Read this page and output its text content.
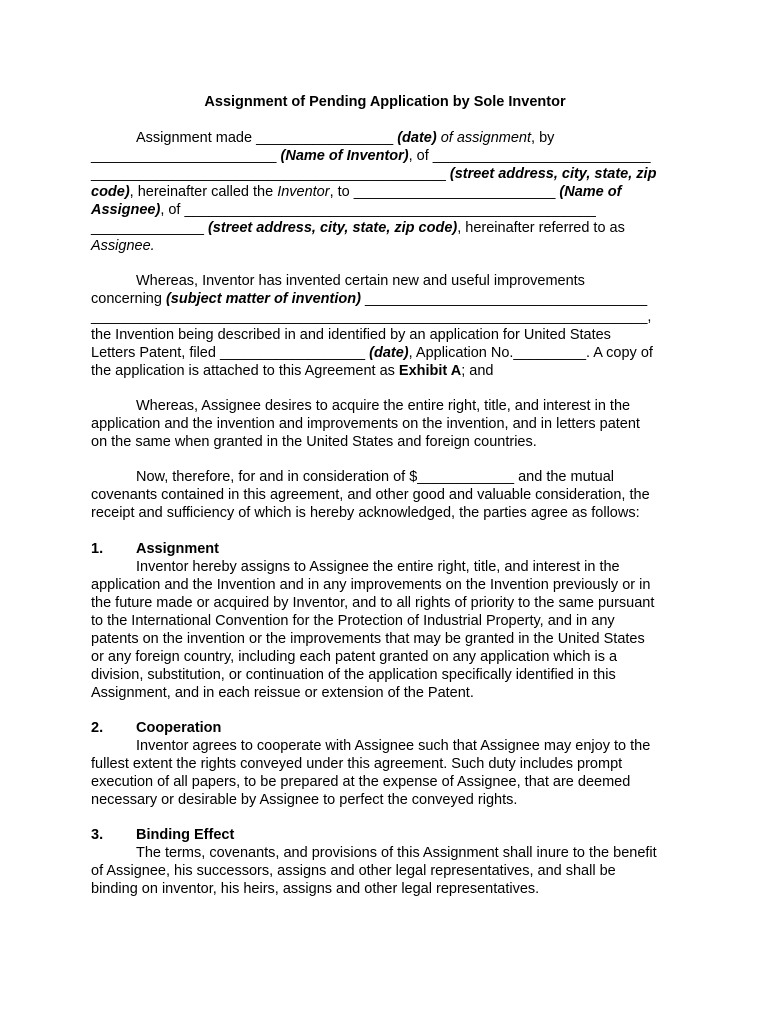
Assignment of Pending Application by Sole Inventor
Assignment made _________________ (date) of assignment, by
_______________________ (Name of Inventor), of ___________________________
____________________________________________ (street address, city, state, zip
code), hereinafter called the Inventor, to _________________________ (Name of
Assignee), of ___________________________________________________
______________ (street address, city, state, zip code), hereinafter referred to as
Assignee.
Whereas, Inventor has invented certain new and useful improvements
concerning (subject matter of invention) ___________________________________
_____________________________________________________________________,
the Invention being described in and identified by an application for United States
Letters Patent, filed __________________ (date), Application No._________. A copy of
the application is attached to this Agreement as Exhibit A; and
Whereas, Assignee desires to acquire the entire right, title, and interest in the
application and the invention and improvements on the invention, and in letters patent
on the same when granted in the United States and foreign countries.
Now, therefore, for and in consideration of $____________ and the mutual
covenants contained in this agreement, and other good and valuable consideration, the
receipt and sufficiency of which is hereby acknowledged, the parties agree as follows:
1. Assignment
Inventor hereby assigns to Assignee the entire right, title, and interest in the
application and the Invention and in any improvements on the Invention previously or in
the future made or acquired by Inventor, and to all rights of priority to the same pursuant
to the International Convention for the Protection of Industrial Property, and in any
patents on the invention or the improvements that may be granted in the United States
or any foreign country, including each patent granted on any application which is a
division, substitution, or continuation of the application specifically identified in this
Assignment, and in each reissue or extension of the Patent.
2. Cooperation
Inventor agrees to cooperate with Assignee such that Assignee may enjoy to the
fullest extent the rights conveyed under this agreement. Such duty includes prompt
execution of all papers, to be prepared at the expense of Assignee, that are deemed
necessary or desirable by Assignee to perfect the conveyed rights.
3. Binding Effect
The terms, covenants, and provisions of this Assignment shall inure to the benefit
of Assignee, his successors, assigns and other legal representatives, and shall be
binding on inventor, his heirs, assigns and other legal representatives.
